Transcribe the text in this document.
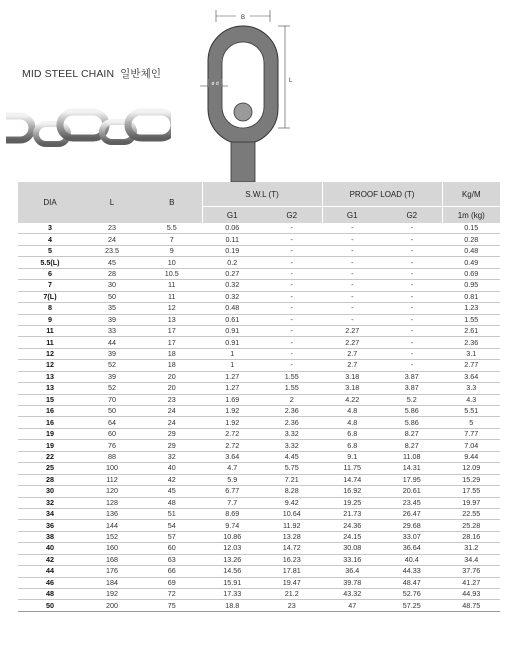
MID STEEL CHAIN 일반체인
B
L
ø d
DIA	L	B	S.W.L (T)		PROOF LOAD (T)		Kg/M
			G1	G2	G1	G2	1m (kg)
3	23	5.5	0.06	-	-	-	0.15
4	24	7	0.11	-	-	-	0.28
5	23.5	9	0.19	-	-	-	0.48
5.5(L)	45	10	0.2	-	-	-	0.49
6	28	10.5	0.27	-	-	-	0.69
7	30	11	0.32	-	-	-	0.95
7(L)	50	11	0.32	-	-	-	0.81
8	35	12	0.48	-	-	-	1.23
9	39	13	0.61	-	-	-	1.55
11	33	17	0.91	-	2.27	-	2.61
11	44	17	0.91	-	2.27	-	2.36
12	39	18	1	-	2.7	-	3.1
12	52	18	1	-	2.7	-	2.77
13	39	20	1.27	1.55	3.18	3.87	3.64
13	52	20	1.27	1.55	3.18	3.87	3.3
15	70	23	1.69	2	4.22	5.2	4.3
16	50	24	1.92	2.36	4.8	5.86	5.51
16	64	24	1.92	2.36	4.8	5.86	5
19	60	29	2.72	3.32	6.8	8.27	7.77
19	76	29	2.72	3.32	6.8	8.27	7.04
22	88	32	3.64	4.45	9.1	11.08	9.44
25	100	40	4.7	5.75	11.75	14.31	12.09
28	112	42	5.9	7.21	14.74	17.95	15.29
30	120	45	6.77	8.28	16.92	20.61	17.55
32	128	48	7.7	9.42	19.25	23.45	19.97
34	136	51	8.69	10.64	21.73	26.47	22.55
36	144	54	9.74	11.92	24.36	29.68	25.28
38	152	57	10.86	13.28	24.15	33.07	28.16
40	160	60	12.03	14.72	30.08	36.64	31.2
42	168	63	13.26	16.23	33.16	40.4	34.4
44	176	66	14.56	17.81	36.4	44.33	37.76
46	184	69	15.91	19.47	39.78	48.47	41.27
48	192	72	17.33	21.2	43.32	52.76	44.93
50	200	75	18.8	23	47	57.25	48.75
